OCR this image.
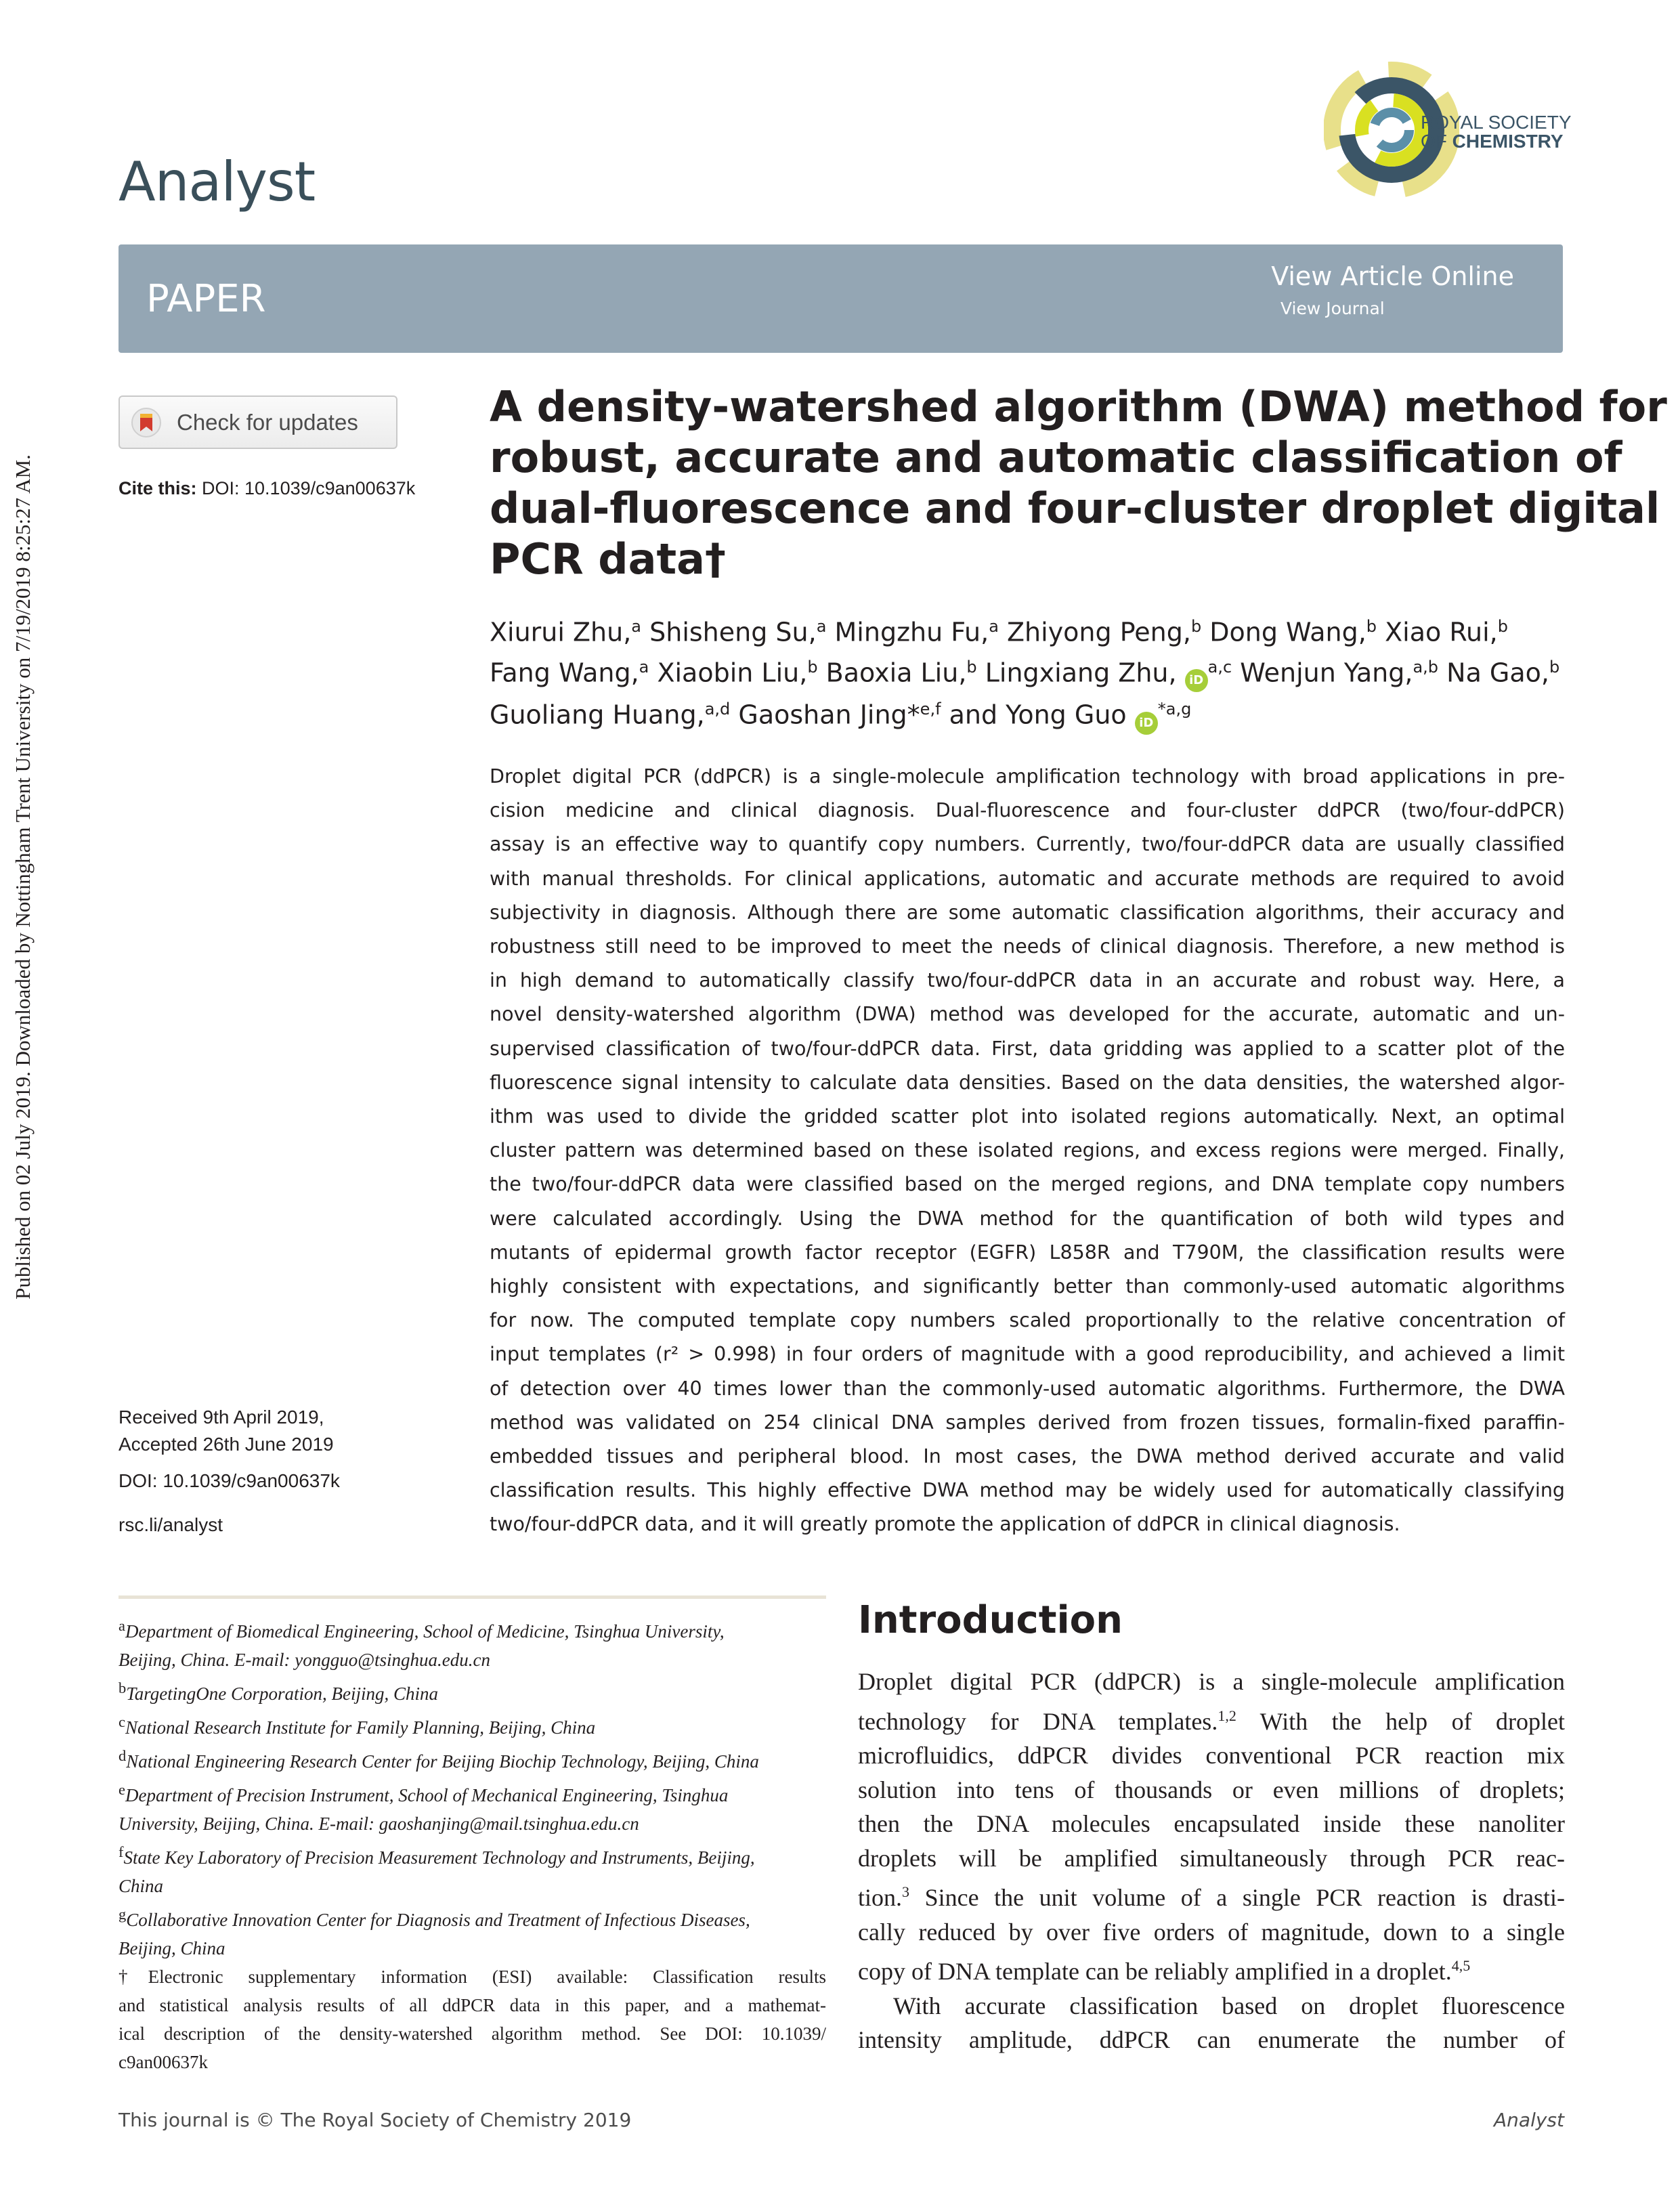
Published on 02 July 2019. Downloaded by Nottingham Trent University on 7/19/2019 8:25:27 AM.
Analyst
ROYAL SOCIETY
OF CHEMISTRY
PAPER
View Article Online
View Journal
Check for updates
Cite this: DOI: 10.1039/c9an00637k
A density-watershed algorithm (DWA) method for
robust, accurate and automatic classification of
dual-fluorescence and four-cluster droplet digital
PCR data†
Xiurui Zhu,$^a$ Shisheng Su,$^a$ Mingzhu Fu,$^a$ Zhiyong Peng,$^b$ Dong Wang,$^b$ Xiao Rui,$^b$
Fang Wang,$^a$ Xiaobin Liu,$^b$ Baoxia Liu,$^b$ Lingxiang Zhu, iD$^{a,c}$ Wenjun Yang,$^{a,b}$ Na Gao,$^b$
Guoliang Huang,$^{a,d}$ Gaoshan Jing*$^{e,f}$ and Yong Guo iD$^{*a,g}$
Droplet digital PCR (ddPCR) is a single-molecule amplification technology with broad applications in pre-
cision medicine and clinical diagnosis. Dual-fluorescence and four-cluster ddPCR (two/four-ddPCR)
assay is an effective way to quantify copy numbers. Currently, two/four-ddPCR data are usually classified
with manual thresholds. For clinical applications, automatic and accurate methods are required to avoid
subjectivity in diagnosis. Although there are some automatic classification algorithms, their accuracy and
robustness still need to be improved to meet the needs of clinical diagnosis. Therefore, a new method is
in high demand to automatically classify two/four-ddPCR data in an accurate and robust way. Here, a
novel density-watershed algorithm (DWA) method was developed for the accurate, automatic and un-
supervised classification of two/four-ddPCR data. First, data gridding was applied to a scatter plot of the
fluorescence signal intensity to calculate data densities. Based on the data densities, the watershed algor-
ithm was used to divide the gridded scatter plot into isolated regions automatically. Next, an optimal
cluster pattern was determined based on these isolated regions, and excess regions were merged. Finally,
the two/four-ddPCR data were classified based on the merged regions, and DNA template copy numbers
were calculated accordingly. Using the DWA method for the quantification of both wild types and
mutants of epidermal growth factor receptor (EGFR) L858R and T790M, the classification results were
highly consistent with expectations, and significantly better than commonly-used automatic algorithms
for now. The computed template copy numbers scaled proportionally to the relative concentration of
input templates (r² > 0.998) in four orders of magnitude with a good reproducibility, and achieved a limit
of detection over 40 times lower than the commonly-used automatic algorithms. Furthermore, the DWA
method was validated on 254 clinical DNA samples derived from frozen tissues, formalin-fixed paraffin-
embedded tissues and peripheral blood. In most cases, the DWA method derived accurate and valid
classification results. This highly effective DWA method may be widely used for automatically classifying
two/four-ddPCR data, and it will greatly promote the application of ddPCR in clinical diagnosis.
Received 9th April 2019,
Accepted 26th June 2019
DOI: 10.1039/c9an00637k
rsc.li/analyst
$^a$Department of Biomedical Engineering, School of Medicine, Tsinghua University,
Beijing, China. E-mail: yongguo@tsinghua.edu.cn
$^b$TargetingOne Corporation, Beijing, China
$^c$National Research Institute for Family Planning, Beijing, China
$^d$National Engineering Research Center for Beijing Biochip Technology, Beijing, China
$^e$Department of Precision Instrument, School of Mechanical Engineering, Tsinghua
University, Beijing, China. E-mail: gaoshanjing@mail.tsinghua.edu.cn
$^f$State Key Laboratory of Precision Measurement Technology and Instruments, Beijing,
China
$^g$Collaborative Innovation Center for Diagnosis and Treatment of Infectious Diseases,
Beijing, China
†Electronic supplementary information (ESI) available: Classification results
and statistical analysis results of all ddPCR data in this paper, and a mathemat-
ical description of the density-watershed algorithm method. See DOI: 10.1039/
c9an00637k
Introduction
Droplet digital PCR (ddPCR) is a single-molecule amplification
technology for DNA templates.$^{1,2}$ With the help of droplet
microfluidics, ddPCR divides conventional PCR reaction mix
solution into tens of thousands or even millions of droplets;
then the DNA molecules encapsulated inside these nanoliter
droplets will be amplified simultaneously through PCR reac-
tion.$^3$ Since the unit volume of a single PCR reaction is drasti-
cally reduced by over five orders of magnitude, down to a single
copy of DNA template can be reliably amplified in a droplet.$^{4,5}$
With accurate classification based on droplet fluorescence
intensity amplitude, ddPCR can enumerate the number of
This journal is © The Royal Society of Chemistry 2019	Analyst
